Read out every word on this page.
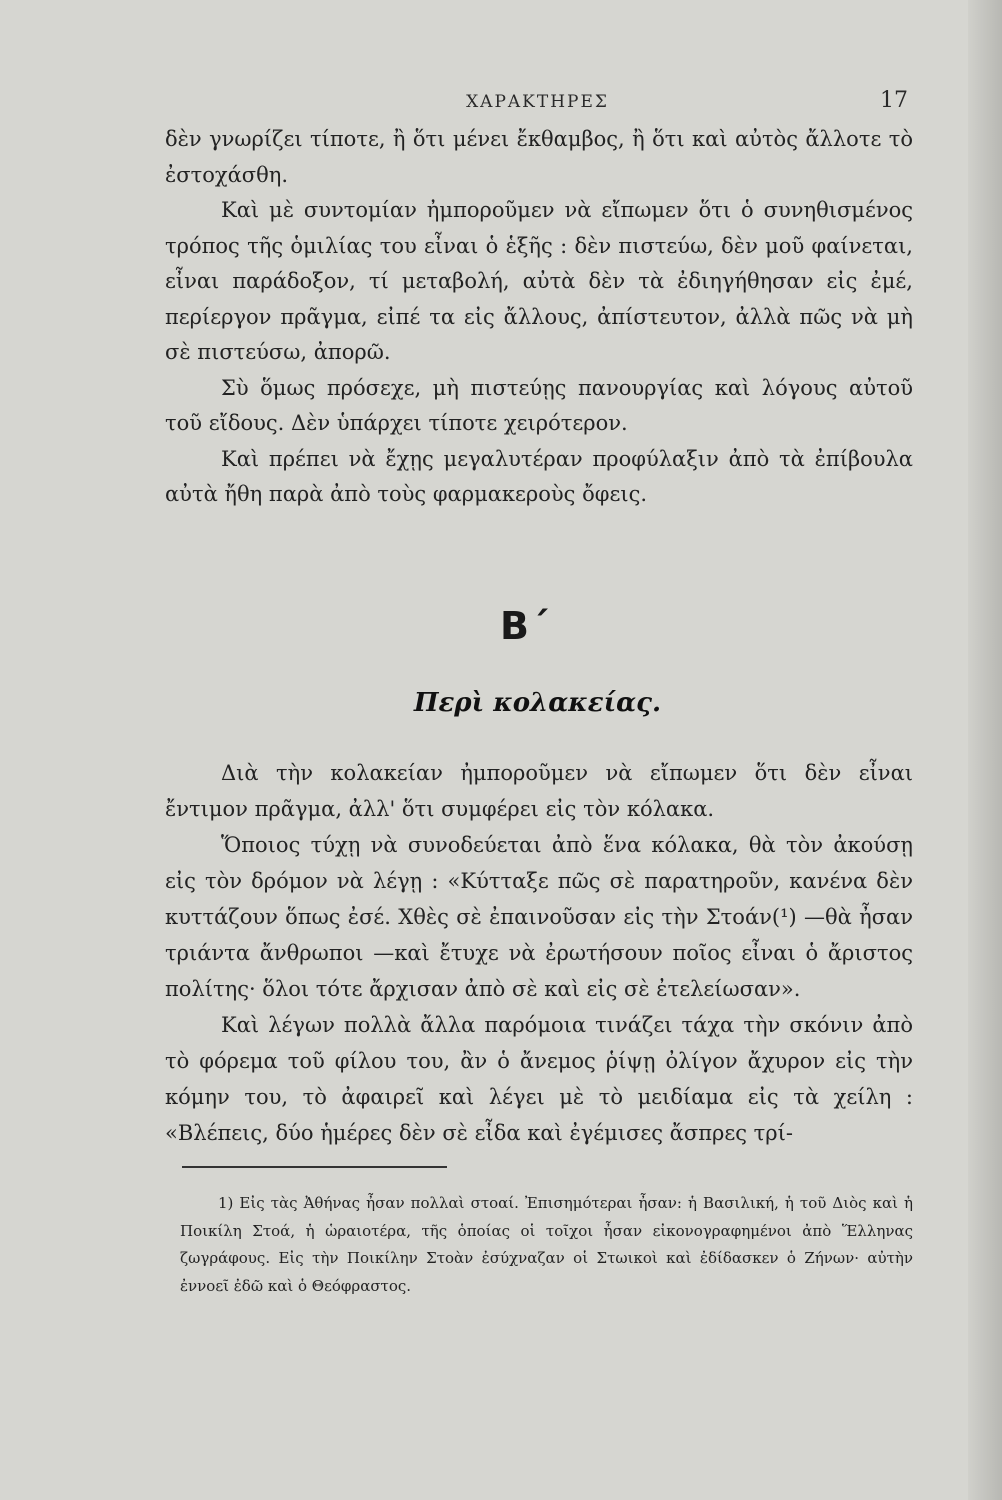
ΧΑΡΑΚΤΗΡΕΣ	17

δὲν γνωρίζει τίποτε, ἢ ὅτι μένει ἔκθαμβος, ἢ ὅτι καὶ αὐτὸς ἄλλοτε τὸ ἐστοχάσθη.

Καὶ μὲ συντομίαν ἠμποροῦμεν νὰ εἴπωμεν ὅτι ὁ συνηθισμένος τρόπος τῆς ὁμιλίας του εἶναι ὁ ἑξῆς : δὲν πιστεύω, δὲν μοῦ φαίνεται, εἶναι παράδοξον, τί μεταβολή, αὐτὰ δὲν τὰ ἐδιηγήθησαν εἰς ἐμέ, περίεργον πρᾶγμα, εἰπέ τα εἰς ἄλλους, ἀπίστευτον, ἀλλὰ πῶς νὰ μὴ σὲ πιστεύσω, ἀπορῶ.

Σὺ ὅμως πρόσεχε, μὴ πιστεύῃς πανουργίας καὶ λόγους αὐτοῦ τοῦ εἴδους. Δὲν ὑπάρχει τίποτε χειρότερον.

Καὶ πρέπει νὰ ἔχῃς μεγαλυτέραν προφύλαξιν ἀπὸ τὰ ἐπίβουλα αὐτὰ ἤθη παρὰ ἀπὸ τοὺς φαρμακεροὺς ὄφεις.

Β΄
Περὶ κολακείας.

Διὰ τὴν κολακείαν ἠμποροῦμεν νὰ εἴπωμεν ὅτι δὲν εἶναι ἔντιμον πρᾶγμα, ἀλλ' ὅτι συμφέρει εἰς τὸν κόλακα.

Ὅποιος τύχῃ νὰ συνοδεύεται ἀπὸ ἕνα κόλακα, θὰ τὸν ἀκούσῃ εἰς τὸν δρόμον νὰ λέγῃ : «Κύτταξε πῶς σὲ παρατηροῦν, κανένα δὲν κυττάζουν ὅπως ἐσέ. Χθὲς σὲ ἐπαινοῦσαν εἰς τὴν Στοάν(¹) —θὰ ἦσαν τριάντα ἄνθρωποι —καὶ ἔτυχε νὰ ἐρωτήσουν ποῖος εἶναι ὁ ἄριστος πολίτης· ὅλοι τότε ἄρχισαν ἀπὸ σὲ καὶ εἰς σὲ ἐτελείωσαν».

Καὶ λέγων πολλὰ ἄλλα παρόμοια τινάζει τάχα τὴν σκόνιν ἀπὸ τὸ φόρεμα τοῦ φίλου του, ἂν ὁ ἄνεμος ῥίψῃ ὀλίγον ἄχυρον εἰς τὴν κόμην του, τὸ ἀφαιρεῖ καὶ λέγει μὲ τὸ μειδίαμα εἰς τὰ χείλη : «Βλέπεις, δύο ἡμέρες δὲν σὲ εἶδα καὶ ἐγέμισες ἄσπρες τρί-

1) Εἰς τὰς Ἀθήνας ἦσαν πολλαὶ στοαί. Ἐπισημότεραι ἦσαν: ἡ Βασιλική, ἡ τοῦ Διὸς καὶ ἡ Ποικίλη Στοά, ἡ ὡραιοτέρα, τῆς ὁποίας οἱ τοῖχοι ἦσαν εἰκονογραφημένοι ἀπὸ Ἕλληνας ζωγράφους. Εἰς τὴν Ποικίλην Στοὰν ἐσύχναζαν οἱ Στωικοὶ καὶ ἐδίδασκεν ὁ Ζήνων· αὐτὴν ἐννοεῖ ἐδῶ καὶ ὁ Θεόφραστος.
